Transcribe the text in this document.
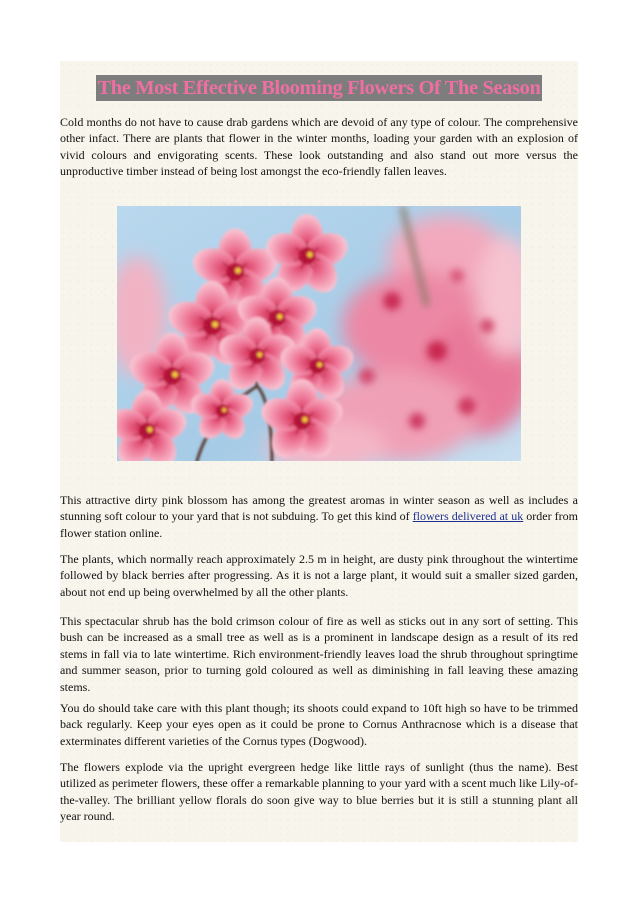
The Most Effective Blooming Flowers Of The Season

Cold months do not have to cause drab gardens which are devoid of any type of colour. The comprehensive other infact. There are plants that flower in the winter months, loading your garden with an explosion of vivid colours and envigorating scents. These look outstanding and also stand out more versus the unproductive timber instead of being lost amongst the eco-friendly fallen leaves.

This attractive dirty pink blossom has among the greatest aromas in winter season as well as includes a stunning soft colour to your yard that is not subduing. To get this kind of flowers delivered at uk order from flower station online.

The plants, which normally reach approximately 2.5 m in height, are dusty pink throughout the wintertime followed by black berries after progressing. As it is not a large plant, it would suit a smaller sized garden, about not end up being overwhelmed by all the other plants.

This spectacular shrub has the bold crimson colour of fire as well as sticks out in any sort of setting. This bush can be increased as a small tree as well as is a prominent in landscape design as a result of its red stems in fall via to late wintertime. Rich environment-friendly leaves load the shrub throughout springtime and summer season, prior to turning gold coloured as well as diminishing in fall leaving these amazing stems.

You do should take care with this plant though; its shoots could expand to 10ft high so have to be trimmed back regularly. Keep your eyes open as it could be prone to Cornus Anthracnose which is a disease that exterminates different varieties of the Cornus types (Dogwood).

The flowers explode via the upright evergreen hedge like little rays of sunlight (thus the name). Best utilized as perimeter flowers, these offer a remarkable planning to your yard with a scent much like Lily-of-the-valley. The brilliant yellow florals do soon give way to blue berries but it is still a stunning plant all year round.
